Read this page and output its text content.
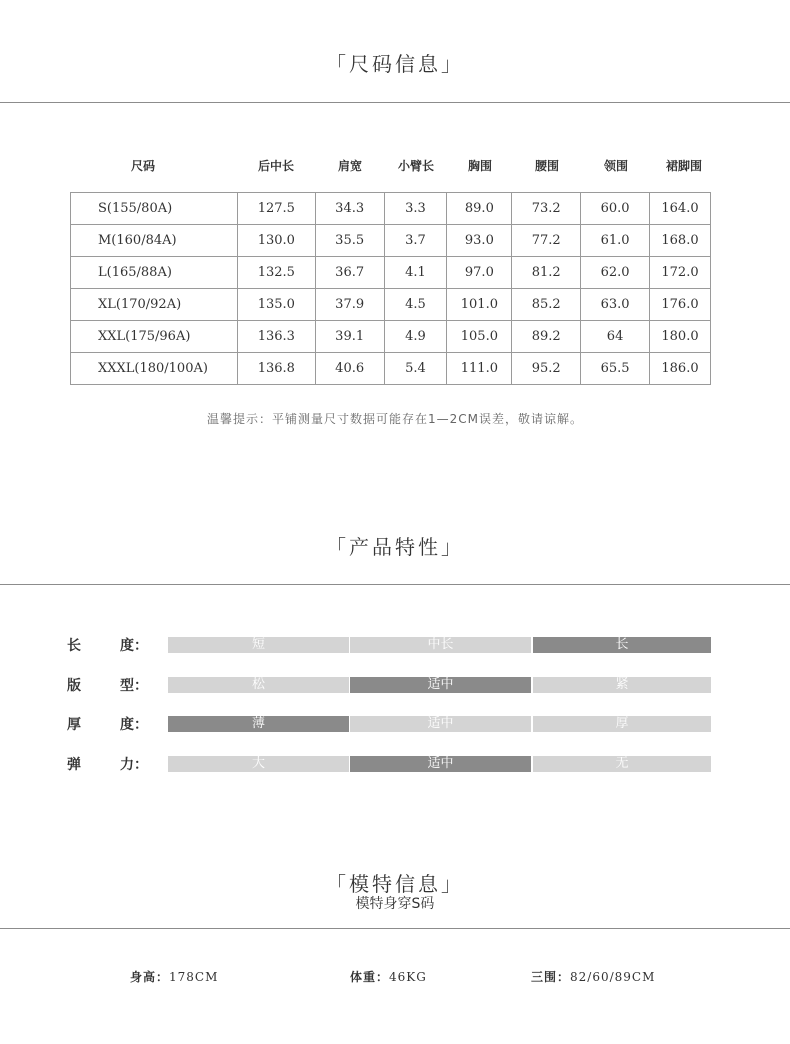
「尺码信息」
尺码	后中长	肩宽	小臂长	胸围	腰围	领围	裙脚围
S(155/80A)	127.5	34.3	3.3	89.0	73.2	60.0	164.0
M(160/84A)	130.0	35.5	3.7	93.0	77.2	61.0	168.0
L(165/88A)	132.5	36.7	4.1	97.0	81.2	62.0	172.0
XL(170/92A)	135.0	37.9	4.5	101.0	85.2	63.0	176.0
XXL(175/96A)	136.3	39.1	4.9	105.0	89.2	64	180.0
XXXL(180/100A)	136.8	40.6	5.4	111.0	95.2	65.5	186.0
温馨提示：平铺测量尺寸数据可能存在1—2CM误差，敬请谅解。
「产品特性」
长	度：	短	中长	长
版	型：	松	适中	紧
厚	度：	薄	适中	厚
弹	力：	大	适中	无
「模特信息」
模特身穿S码
身高：178CM	体重：46KG	三围：82/60/89CM
